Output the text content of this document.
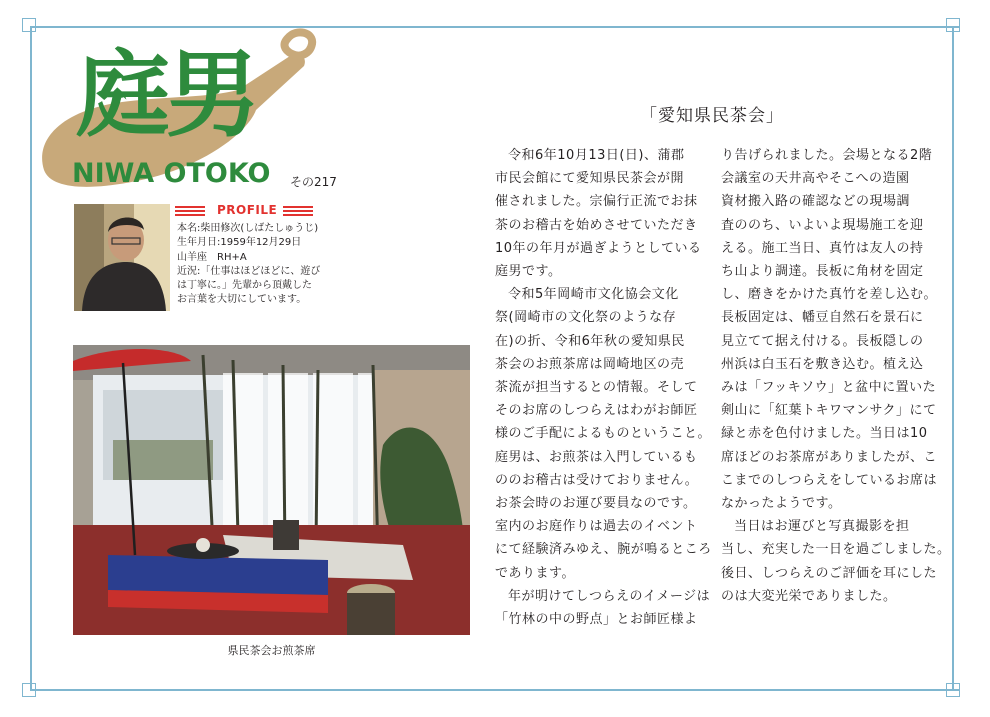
庭男
NIWA OTOKO その217
PROFILE
本名:柴田修次(しばたしゅうじ)
生年月日:1959年12月29日
山羊座　RH+A
近況:「仕事はほどほどに、遊び
は丁寧に。」先輩から頂戴した
お言葉を大切にしています。
県民茶会お煎茶席
「愛知県民茶会」

令和6年10月13日(日)、蒲郡
市民会館にて愛知県民茶会が開
催されました。宗偏行正流でお抹
茶のお稽古を始めさせていただき
10年の年月が過ぎようとしている
庭男です。

令和5年岡崎市文化協会文化
祭(岡崎市の文化祭のような存
在)の折、令和6年秋の愛知県民
茶会のお煎茶席は岡崎地区の売
茶流が担当するとの情報。そして
そのお席のしつらえはわがお師匠
様のご手配によるものということ。
庭男は、お煎茶は入門しているも
ののお稽古は受けておりません。
お茶会時のお運び要員なのです。
室内のお庭作りは過去のイベント
にて経験済みゆえ、腕が鳴るところ
であります。

年が明けてしつらえのイメージは
「竹林の中の野点」とお師匠様よ

り告げられました。会場となる2階
会議室の天井高やそこへの造園
資材搬入路の確認などの現場調
査ののち、いよいよ現場施工を迎
える。施工当日、真竹は友人の持
ち山より調達。長板に角材を固定
し、磨きをかけた真竹を差し込む。
長板固定は、幡豆自然石を景石に
見立てて据え付ける。長板隠しの
州浜は白玉石を敷き込む。植え込
みは「フッキソウ」と盆中に置いた
剣山に「紅葉トキワマンサク」にて
緑と赤を色付けました。当日は10
席ほどのお茶席がありましたが、こ
こまでのしつらえをしているお席は
なかったようです。

当日はお運びと写真撮影を担
当し、充実した一日を過ごしました。
後日、しつらえのご評価を耳にした
のは大変光栄でありました。
